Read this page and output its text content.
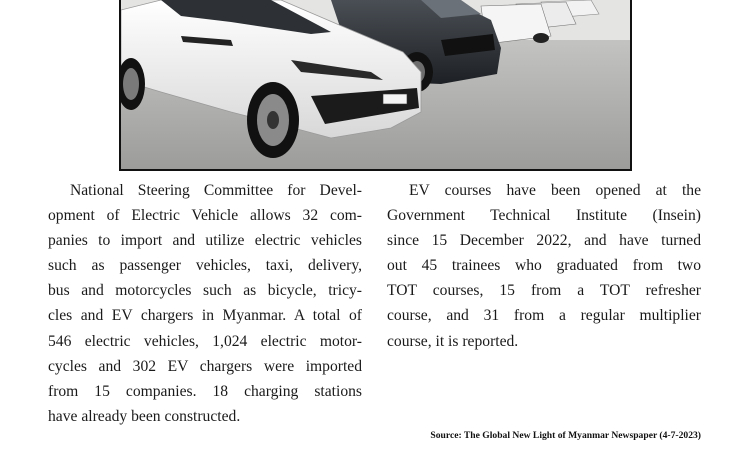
National Steering Committee for Devel-
opment of Electric Vehicle allows 32 com-
panies to import and utilize electric vehicles
such as passenger vehicles, taxi, delivery,
bus and motorcycles such as bicycle, tricy-
cles and EV chargers in Myanmar. A total of
546 electric vehicles, 1,024 electric motor-
cycles and 302 EV chargers were imported
from 15 companies. 18 charging stations
have already been constructed.

EV courses have been opened at the
Government Technical Institute (Insein)
since 15 December 2022, and have turned
out 45 trainees who graduated from two
TOT courses, 15 from a TOT refresher
course, and 31 from a regular multiplier
course, it is reported.

Source: The Global New Light of Myanmar Newspaper (4-7-2023)
